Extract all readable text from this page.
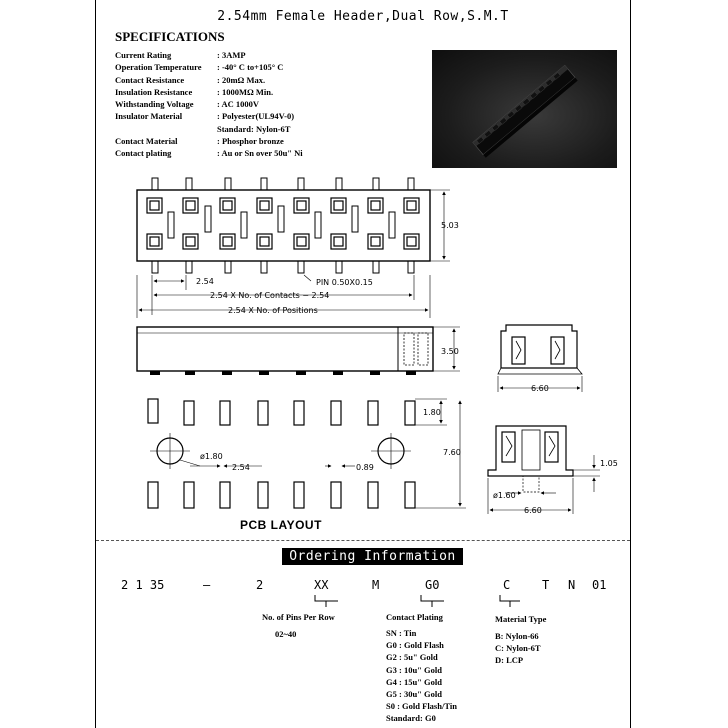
2.54mm Female Header,Dual Row,S.M.T
SPECIFICATIONS
Current Rating	: 3AMP
Operation Temperature	: -40° C to+105° C
Contact Resistance	: 20mΩ Max.
Insulation Resistance	: 1000MΩ Min.
Withstanding Voltage	: AC 1000V
Insulator Material	: Polyester(UL94V-0)
	Standard: Nylon-6T
Contact Material	: Phosphor bronze
Contact plating	: Au or Sn over 50u" Ni
5.03
2.54	PIN 0.50X0.15
2.54 X No. of Contacts − 2.54
2.54 X No. of Positions
3.50
6.60
1.80
7.60
ø1.80
2.54	0.89	1.05
ø1.60
6.60
PCB LAYOUT
Ordering Information
2 1 35	—	2	XX	M	G0	C	T N 01
No. of Pins Per Row
02~40
Contact Plating
SN : Tin
G0 : Gold Flash
G2 : 5u" Gold
G3 : 10u" Gold
G4 : 15u" Gold
G5 : 30u" Gold
S0 : Gold Flash/Tin
Standard: G0
Material Type
B: Nylon-66
C: Nylon-6T
D: LCP
